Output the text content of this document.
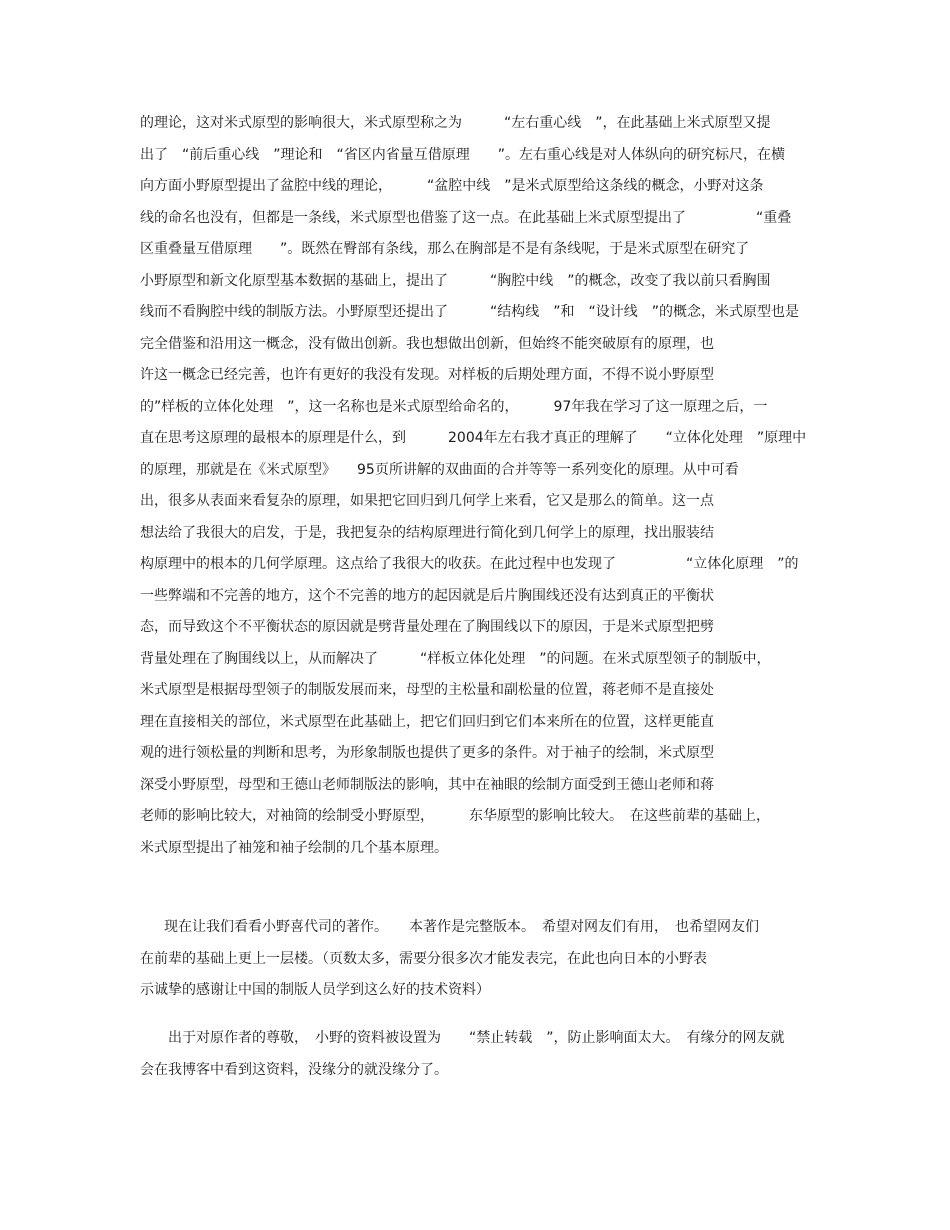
的理论，这对米式原型的影响很大，米式原型称之为　　　“左右重心线　”，在此基础上米式原型又提
出了　“前后重心线　”理论和　“省区内省量互借原理　　”。左右重心线是对人体纵向的研究标尺，在横
向方面小野原型提出了盆腔中线的理论，　　　“盆腔中线　”是米式原型给这条线的概念，小野对这条
线的命名也没有，但都是一条线，米式原型也借鉴了这一点。在此基础上米式原型提出了　　　　　“重叠
区重叠量互借原理　　”。既然在臀部有条线，那么在胸部是不是有条线呢，于是米式原型在研究了
小野原型和新文化原型基本数据的基础上，提出了　　　“胸腔中线　”的概念，改变了我以前只看胸围
线而不看胸腔中线的制版方法。小野原型还提出了　　　“结构线　”和　“设计线　”的概念，米式原型也是
完全借鉴和沿用这一概念，没有做出创新。我也想做出创新，但始终不能突破原有的原理，也
许这一概念已经完善，也许有更好的我没有发现。对样板的后期处理方面，不得不说小野原型
的”样板的立体化处理　”，这一名称也是米式原型给命名的，　　　97年我在学习了这一原理之后，一
直在思考这原理的最根本的原理是什么，到　　　2004年左右我才真正的理解了　　“立体化处理　”原理中
的原理，那就是在《米式原型》　　95页所讲解的双曲面的合并等等一系列变化的原理。从中可看
出，很多从表面来看复杂的原理，如果把它回归到几何学上来看，它又是那么的简单。这一点
想法给了我很大的启发，于是，我把复杂的结构原理进行简化到几何学上的原理，找出服装结
构原理中的根本的几何学原理。这点给了我很大的收获。在此过程中也发现了　　　　　“立体化原理　”的
一些弊端和不完善的地方，这个不完善的地方的起因就是后片胸围线还没有达到真正的平衡状
态，而导致这个不平衡状态的原因就是劈背量处理在了胸围线以下的原因，于是米式原型把劈
背量处理在了胸围线以上，从而解决了　　　“样板立体化处理　”的问题。在米式原型领子的制版中，
米式原型是根据母型领子的制版发展而来，母型的主松量和副松量的位置，蒋老师不是直接处
理在直接相关的部位，米式原型在此基础上，把它们回归到它们本来所在的位置，这样更能直
观的进行领松量的判断和思考，为形象制版也提供了更多的条件。对于袖子的绘制，米式原型
深受小野原型，母型和王德山老师制版法的影响，其中在袖眼的绘制方面受到王德山老师和蒋
老师的影响比较大，对袖筒的绘制受小野原型，　　　东华原型的影响比较大。　在这些前辈的基础上，
米式原型提出了袖笼和袖子绘制的几个基本原理。
现在让我们看看小野喜代司的著作。　　本著作是完整版本。　希望对网友们有用，　也希望网友们
在前辈的基础上更上一层楼。（页数太多，需要分很多次才能发表完，在此也向日本的小野表
示诚挚的感谢让中国的制版人员学到这么好的技术资料）
出于对原作者的尊敬，　小野的资料被设置为　　“禁止转载　”，防止影响面太大。　有缘分的网友就
会在我博客中看到这资料，没缘分的就没缘分了。
